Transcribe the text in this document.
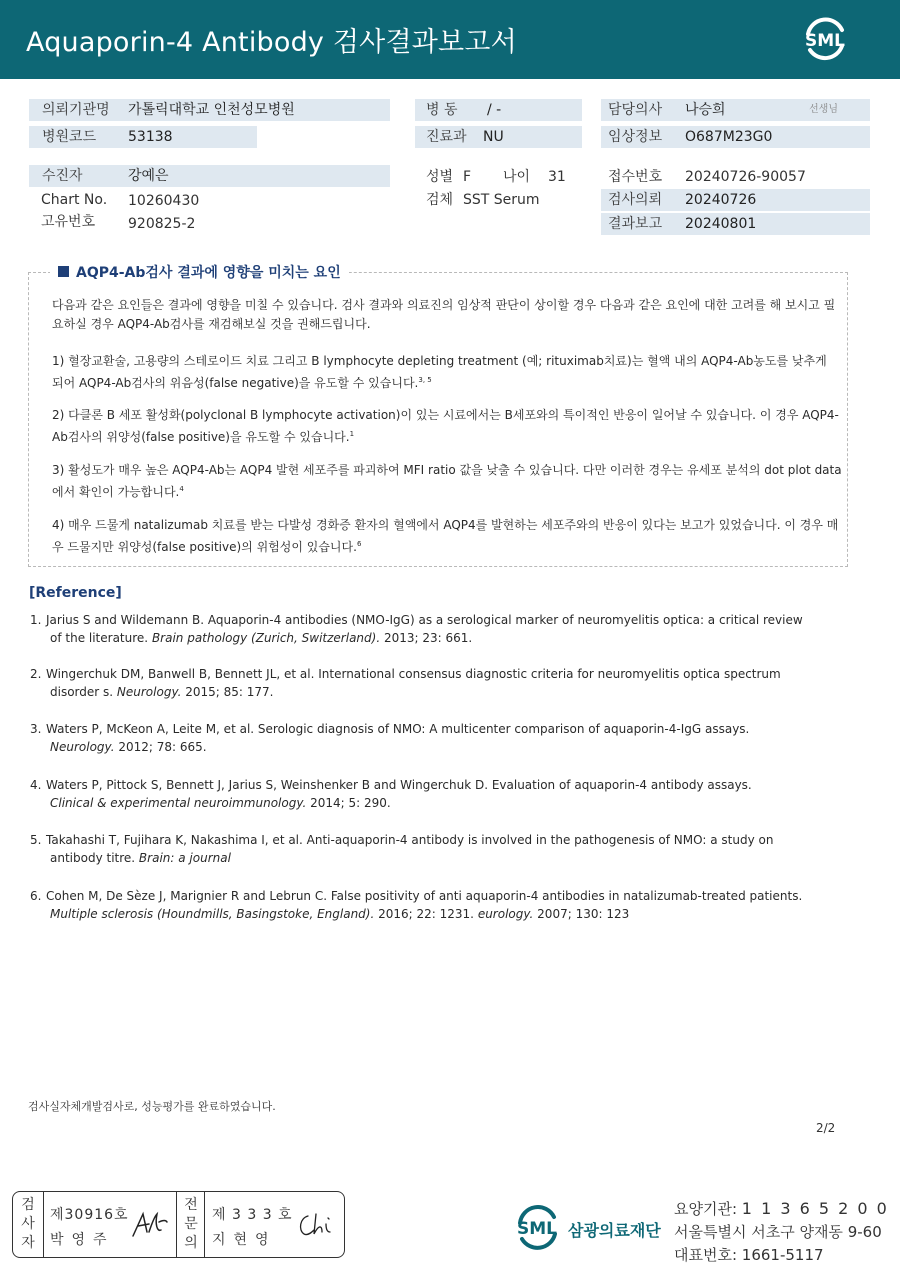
Aquaporin-4 Antibody 검사결과보고서	SML
의뢰기관명 가톨릭대학교 인천성모병원
병원코드 53138
병 동 / -
진료과 NU
담당의사 나승희	선생님
임상정보 O687M23G0
수진자	강예은
Chart No. 10260430
고유번호 920825-2
성별 F 나이 31
검체 SST Serum
접수번호 20240726-90057
검사의뢰 20240726
결과보고 20240801
AQP4-Ab검사 결과에 영향을 미치는 요인
다음과 같은 요인들은 결과에 영향을 미칠 수 있습니다. 검사 결과와 의료진의 임상적 판단이 상이할 경우 다음과 같은 요인에 대한 고려를 해 보시고 필요하실 경우 AQP4-Ab검사를 재검해보실 것을 권해드립니다.
1) 혈장교환술, 고용량의 스테로이드 치료 그리고 B lymphocyte depleting treatment (예; rituximab치료)는 혈액 내의 AQP4-Ab농도를 낮추게 되어 AQP4-Ab검사의 위음성(false negative)을 유도할 수 있습니다.$^{3, 5}$
2) 다클론 B 세포 활성화(polyclonal B lymphocyte activation)이 있는 시료에서는 B세포와의 특이적인 반응이 일어날 수 있습니다. 이 경우 AQP4-Ab검사의 위양성(false positive)을 유도할 수 있습니다.$^1$
3) 활성도가 매우 높은 AQP4-Ab는 AQP4 발현 세포주를 파괴하여 MFI ratio 값을 낮출 수 있습니다. 다만 이러한 경우는 유세포 분석의 dot plot data에서 확인이 가능합니다.$^4$
4) 매우 드물게 natalizumab 치료를 받는 다발성 경화증 환자의 혈액에서 AQP4를 발현하는 세포주와의 반응이 있다는 보고가 있었습니다. 이 경우 매우 드물지만 위양성(false positive)의 위험성이 있습니다.$^6$
[Reference]
1. Jarius S and Wildemann B. Aquaporin-4 antibodies (NMO-IgG) as a serological marker of neuromyelitis optica: a critical review
of the literature. Brain pathology (Zurich, Switzerland). 2013; 23: 661.
2. Wingerchuk DM, Banwell B, Bennett JL, et al. International consensus diagnostic criteria for neuromyelitis optica spectrum
disorder s. Neurology. 2015; 85: 177.
3. Waters P, McKeon A, Leite M, et al. Serologic diagnosis of NMO: A multicenter comparison of aquaporin-4-IgG assays.
Neurology. 2012; 78: 665.
4. Waters P, Pittock S, Bennett J, Jarius S, Weinshenker B and Wingerchuk D. Evaluation of aquaporin-4 antibody assays.
Clinical & experimental neuroimmunology. 2014; 5: 290.
5. Takahashi T, Fujihara K, Nakashima I, et al. Anti-aquaporin-4 antibody is involved in the pathogenesis of NMO: a study on
antibody titre. Brain: a journal
6. Cohen M, De Sèze J, Marignier R and Lebrun C. False positivity of anti aquaporin-4 antibodies in natalizumab-treated patients.
Multiple sclerosis (Houndmills, Basingstoke, England). 2016; 22: 1231. eurology. 2007; 130: 123
검사실자체개발검사로, 성능평가를 완료하였습니다.
2/2
검
사
자
제30916호
박영주
전
문
의
제 3 3 3 호
지현영
SML 삼광의료재단
요양기관: 1 1 3 6 5 2 0 0
서울특별시 서초구 양재동 9-60
대표번호: 1661-5117
